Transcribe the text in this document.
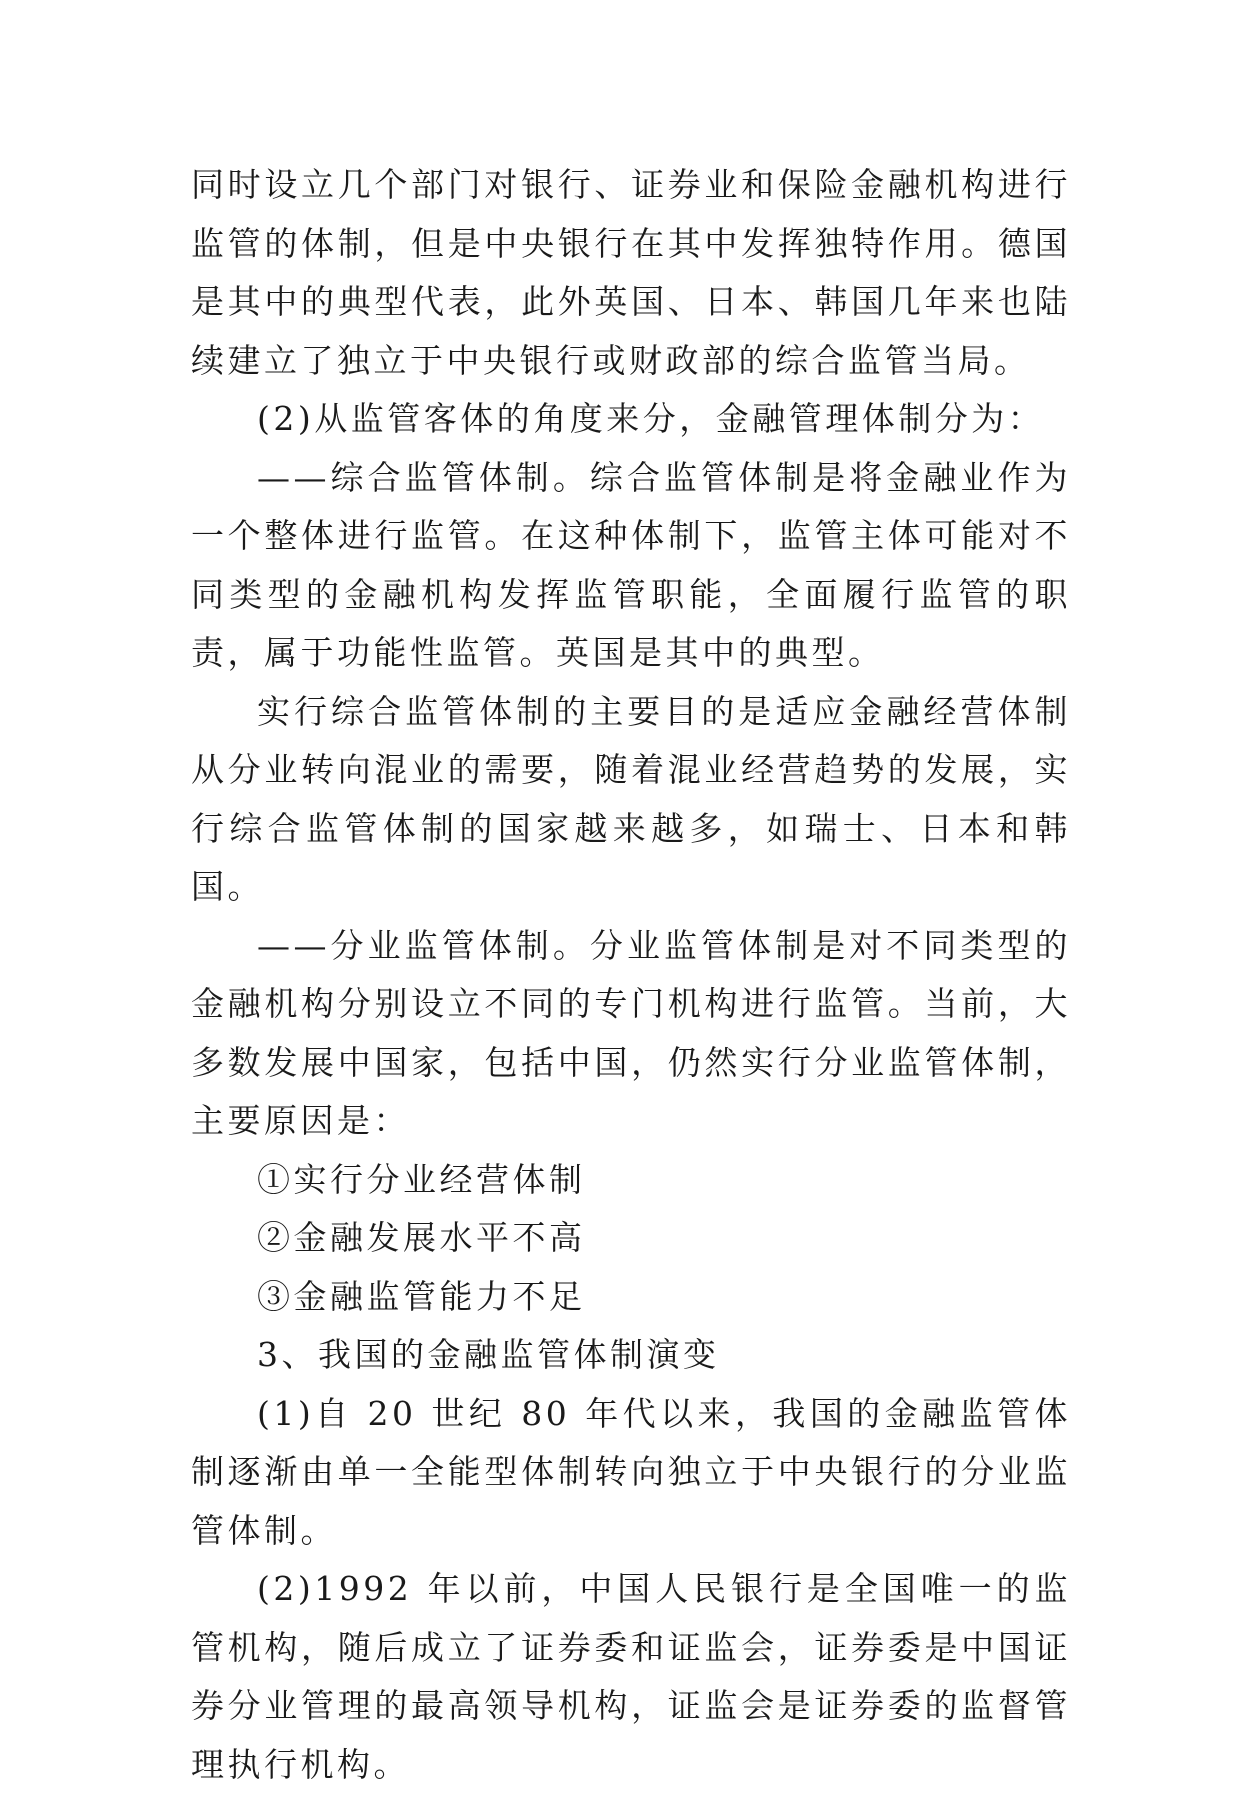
同时设立几个部门对银行、证券业和保险金融机构进行监管的体制，但是中央银行在其中发挥独特作用。德国是其中的典型代表，此外英国、日本、韩国几年来也陆续建立了独立于中央银行或财政部的综合监管当局。

(2)从监管客体的角度来分，金融管理体制分为：

——综合监管体制。综合监管体制是将金融业作为一个整体进行监管。在这种体制下，监管主体可能对不同类型的金融机构发挥监管职能，全面履行监管的职责，属于功能性监管。英国是其中的典型。

实行综合监管体制的主要目的是适应金融经营体制从分业转向混业的需要，随着混业经营趋势的发展，实行综合监管体制的国家越来越多，如瑞士、日本和韩国。

——分业监管体制。分业监管体制是对不同类型的金融机构分别设立不同的专门机构进行监管。当前，大多数发展中国家，包括中国，仍然实行分业监管体制，主要原因是：

①实行分业经营体制

②金融发展水平不高

③金融监管能力不足

3、我国的金融监管体制演变

(1)自 20 世纪 80 年代以来，我国的金融监管体制逐渐由单一全能型体制转向独立于中央银行的分业监管体制。

(2)1992 年以前，中国人民银行是全国唯一的监管机构，随后成立了证券委和证监会，证券委是中国证券分业管理的最高领导机构，证监会是证券委的监督管理执行机构。
